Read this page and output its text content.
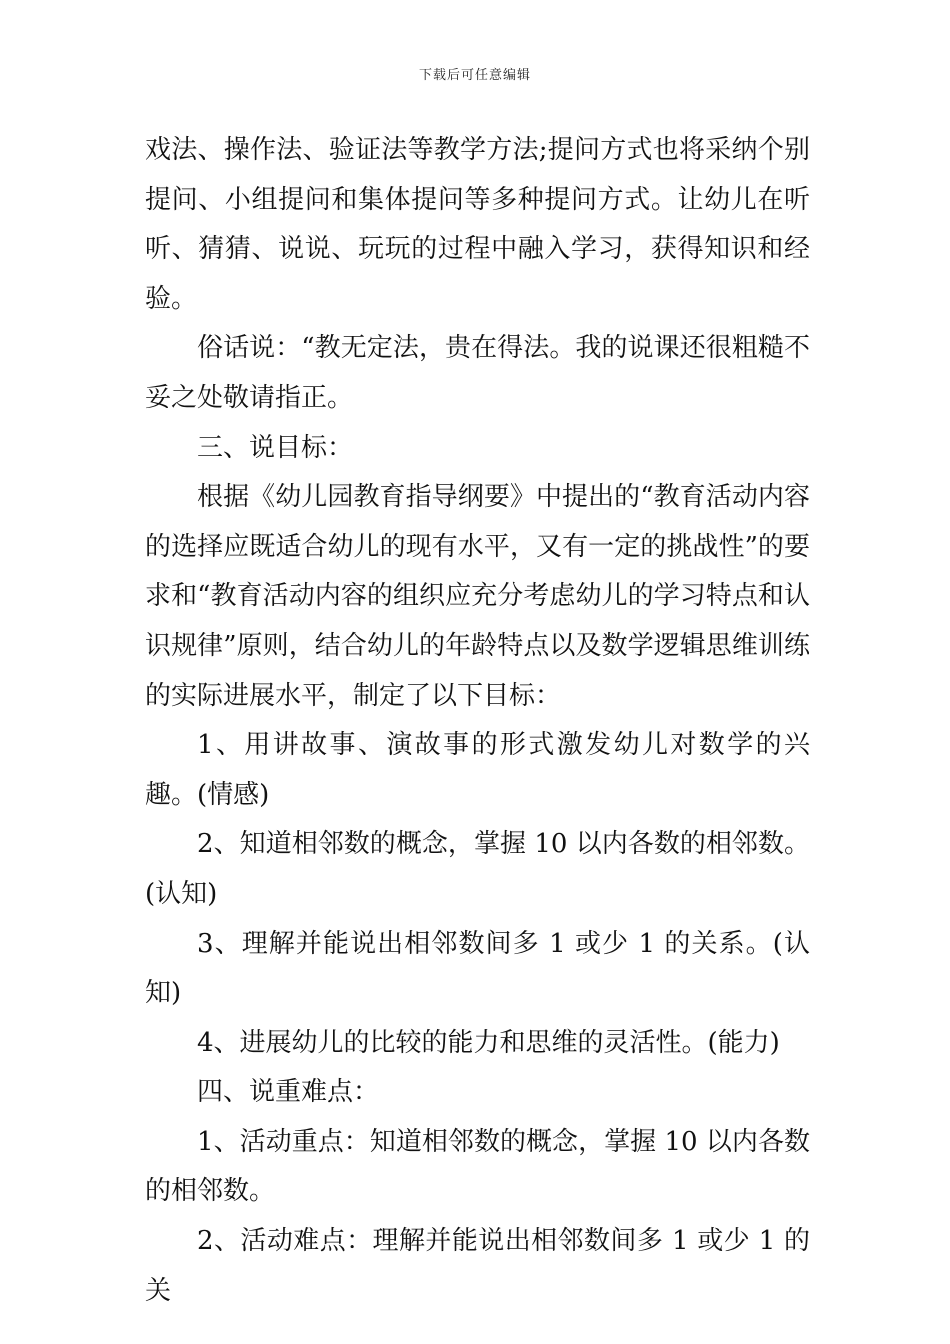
下载后可任意编辑

戏法、操作法、验证法等教学方法;提问方式也将采纳个别提问、小组提问和集体提问等多种提问方式。让幼儿在听听、猜猜、说说、玩玩的过程中融入学习，获得知识和经验。

俗话说：“教无定法，贵在得法。我的说课还很粗糙不妥之处敬请指正。

三、说目标：

根据《幼儿园教育指导纲要》中提出的“教育活动内容的选择应既适合幼儿的现有水平，又有一定的挑战性”的要求和“教育活动内容的组织应充分考虑幼儿的学习特点和认识规律”原则，结合幼儿的年龄特点以及数学逻辑思维训练的实际进展水平，制定了以下目标：

1、用讲故事、演故事的形式激发幼儿对数学的兴趣。(情感)

2、知道相邻数的概念，掌握 10 以内各数的相邻数。(认知)

3、理解并能说出相邻数间多 1 或少 1 的关系。(认知)

4、进展幼儿的比较的能力和思维的灵活性。(能力)

四、说重难点：

1、活动重点：知道相邻数的概念，掌握 10 以内各数的相邻数。

2、活动难点：理解并能说出相邻数间多 1 或少 1 的关
